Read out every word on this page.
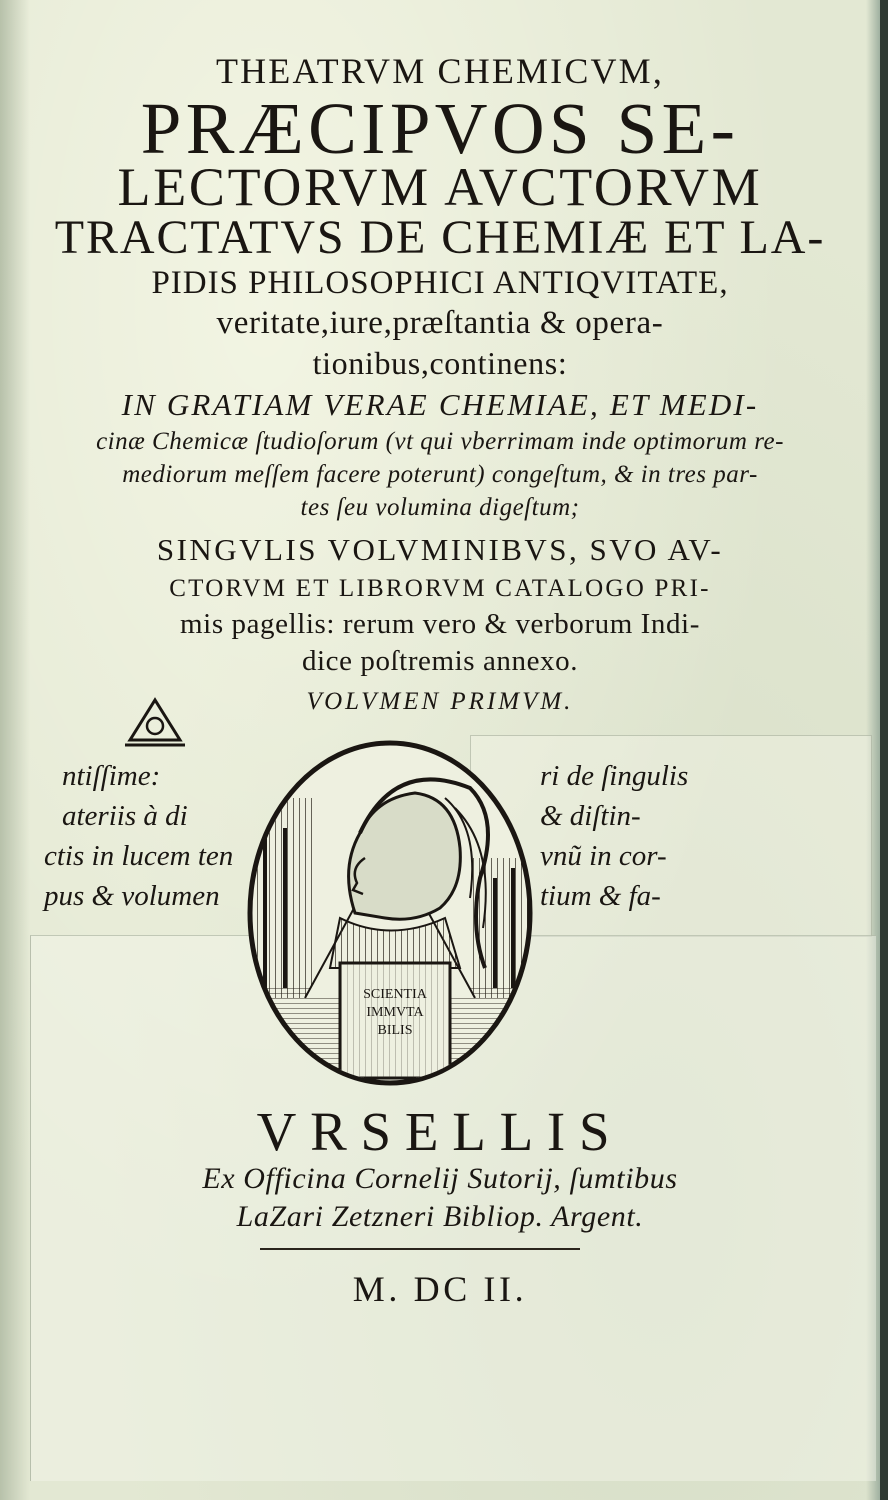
THEATRVM CHEMICVM,
PRÆCIPVOS SE-
LECTORVM AVCTORVM
TRACTATVS DE CHEMIÆ ET LA-
PIDIS PHILOSOPHICI ANTIQVITATE,
veritate,iure,præſtantia & opera-
tionibus,continens:
IN GRATIAM VERAE CHEMIAE, ET MEDI-
cinæ Chemicæ ſtudioſorum (vt qui vberrimam inde optimorum re-
mediorum meſſem facere poterunt) congeſtum, & in tres par-
tes ſeu volumina digeſtum;
SINGVLIS VOLVMINIBVS, SVO AV-
CTORVM ET LIBRORVM CATALOGO PRI-
mis pagellis: rerum vero & verborum Indi-
dice poſtremis annexo.
VOLVMEN PRIMVM.
ntiſſime:	ri de ſingulis
ateriis à di	& diſtin-
ctis in lucem ten	vnũ in cor-
pus & volumen	tium & fa-
SCIENTIA
IMMVTA
BILIS
VRSELLIS
Ex Officina Cornelij Sutorij, ſumtibus
LaZari Zetzneri Bibliop. Argent.
M. DC II.
